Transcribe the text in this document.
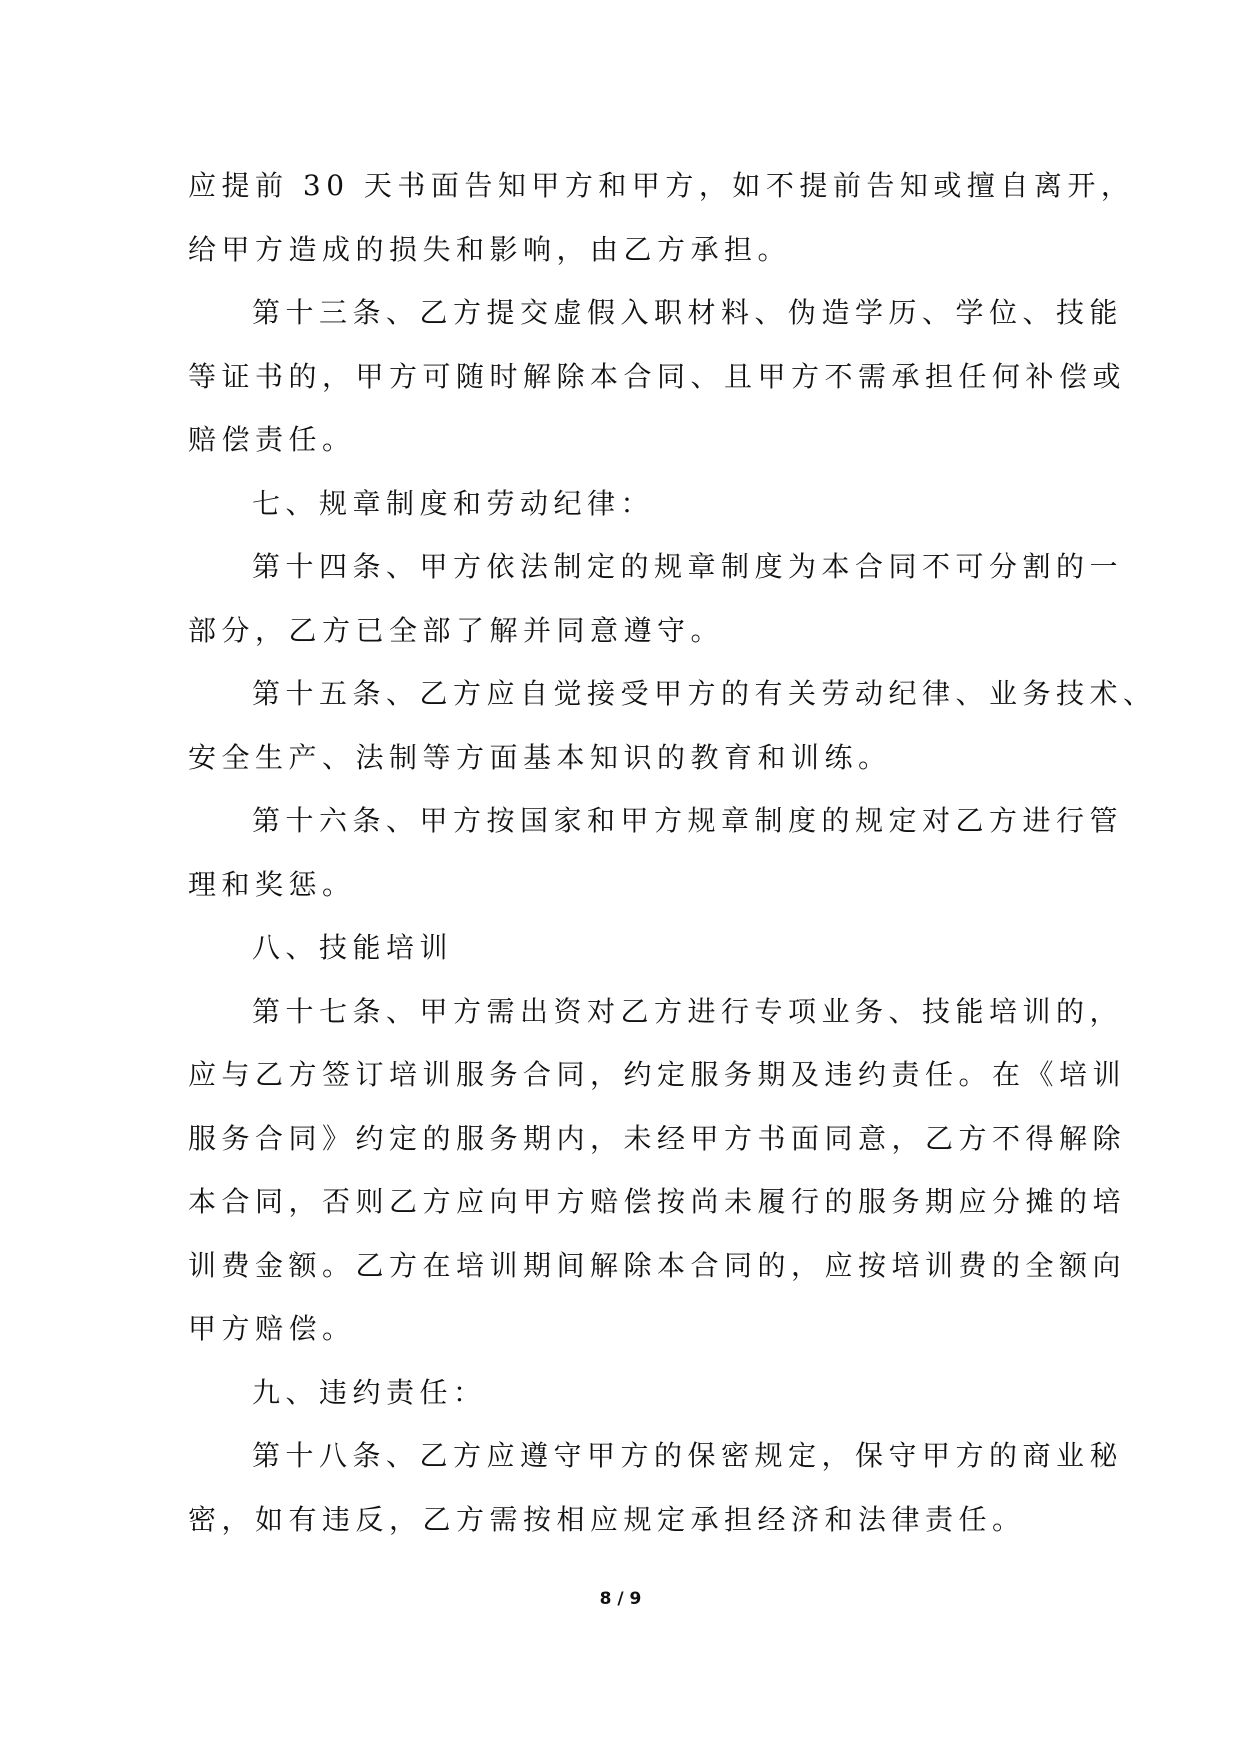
应提前 30 天书面告知甲方和甲方，如不提前告知或擅自离开，
给甲方造成的损失和影响，由乙方承担。
第十三条、乙方提交虚假入职材料、伪造学历、学位、技能
等证书的，甲方可随时解除本合同、且甲方不需承担任何补偿或
赔偿责任。
七、规章制度和劳动纪律：
第十四条、甲方依法制定的规章制度为本合同不可分割的一
部分，乙方已全部了解并同意遵守。
第十五条、乙方应自觉接受甲方的有关劳动纪律、业务技术、
安全生产、法制等方面基本知识的教育和训练。
第十六条、甲方按国家和甲方规章制度的规定对乙方进行管
理和奖惩。
八、技能培训
第十七条、甲方需出资对乙方进行专项业务、技能培训的，
应与乙方签订培训服务合同，约定服务期及违约责任。在《培训
服务合同》约定的服务期内，未经甲方书面同意，乙方不得解除
本合同，否则乙方应向甲方赔偿按尚未履行的服务期应分摊的培
训费金额。乙方在培训期间解除本合同的，应按培训费的全额向
甲方赔偿。
九、违约责任：
第十八条、乙方应遵守甲方的保密规定，保守甲方的商业秘
密，如有违反，乙方需按相应规定承担经济和法律责任。
8 / 9
